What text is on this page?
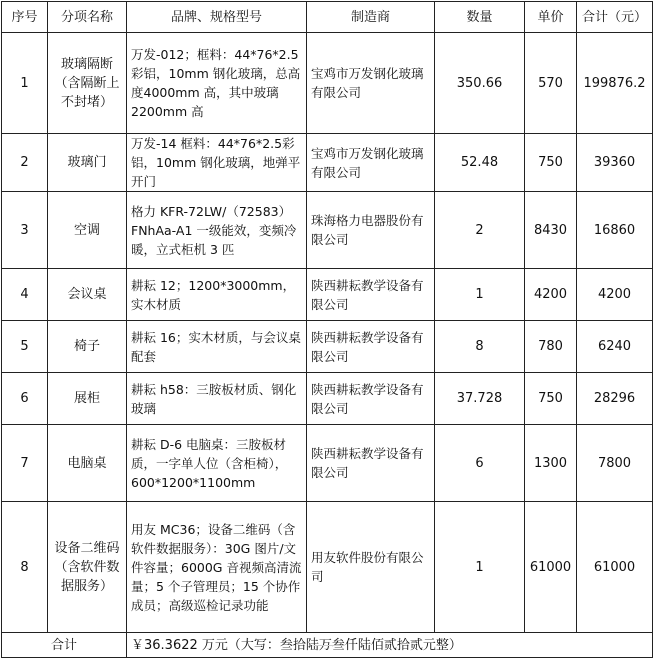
序号	分项名称	品牌、规格型号	制造商	数量	单价	合计（元）
1	玻璃隔断（含隔断上不封堵）	万发-012；框料：44*76*2.5彩铝，10mm 钢化玻璃，总高度4000mm 高，其中玻璃 2200mm 高	宝鸡市万发钢化玻璃有限公司	350.66	570	199876.2
2	玻璃门	万发-14 框料：44*76*2.5彩铝，10mm 钢化玻璃，地弹平开门	宝鸡市万发钢化玻璃有限公司	52.48	750	39360
3	空调	格力 KFR-72LW/（72583）FNhAa-A1 一级能效，变频冷暖，立式柜机 3 匹	珠海格力电器股份有限公司	2	8430	16860
4	会议桌	耕耘 12；1200*3000mm，实木材质	陕西耕耘教学设备有限公司	1	4200	4200
5	椅子	耕耘 16；实木材质，与会议桌配套	陕西耕耘教学设备有限公司	8	780	6240
6	展柜	耕耘 h58：三胺板材质、钢化玻璃	陕西耕耘教学设备有限公司	37.728	750	28296
7	电脑桌	耕耘 D-6 电脑桌：三胺板材质，一字单人位（含柜椅），600*1200*1100mm	陕西耕耘教学设备有限公司	6	1300	7800
8	设备二维码（含软件数据服务）	用友 MC36；设备二维码（含软件数据服务）：30G 图片/文件容量；6000G 音视频高清流量；5 个子管理员；15 个协作成员；高级巡检记录功能	用友软件股份有限公司	1	61000	61000
合计		￥36.3622 万元（大写：叁拾陆万叁仟陆佰贰拾贰元整）				
